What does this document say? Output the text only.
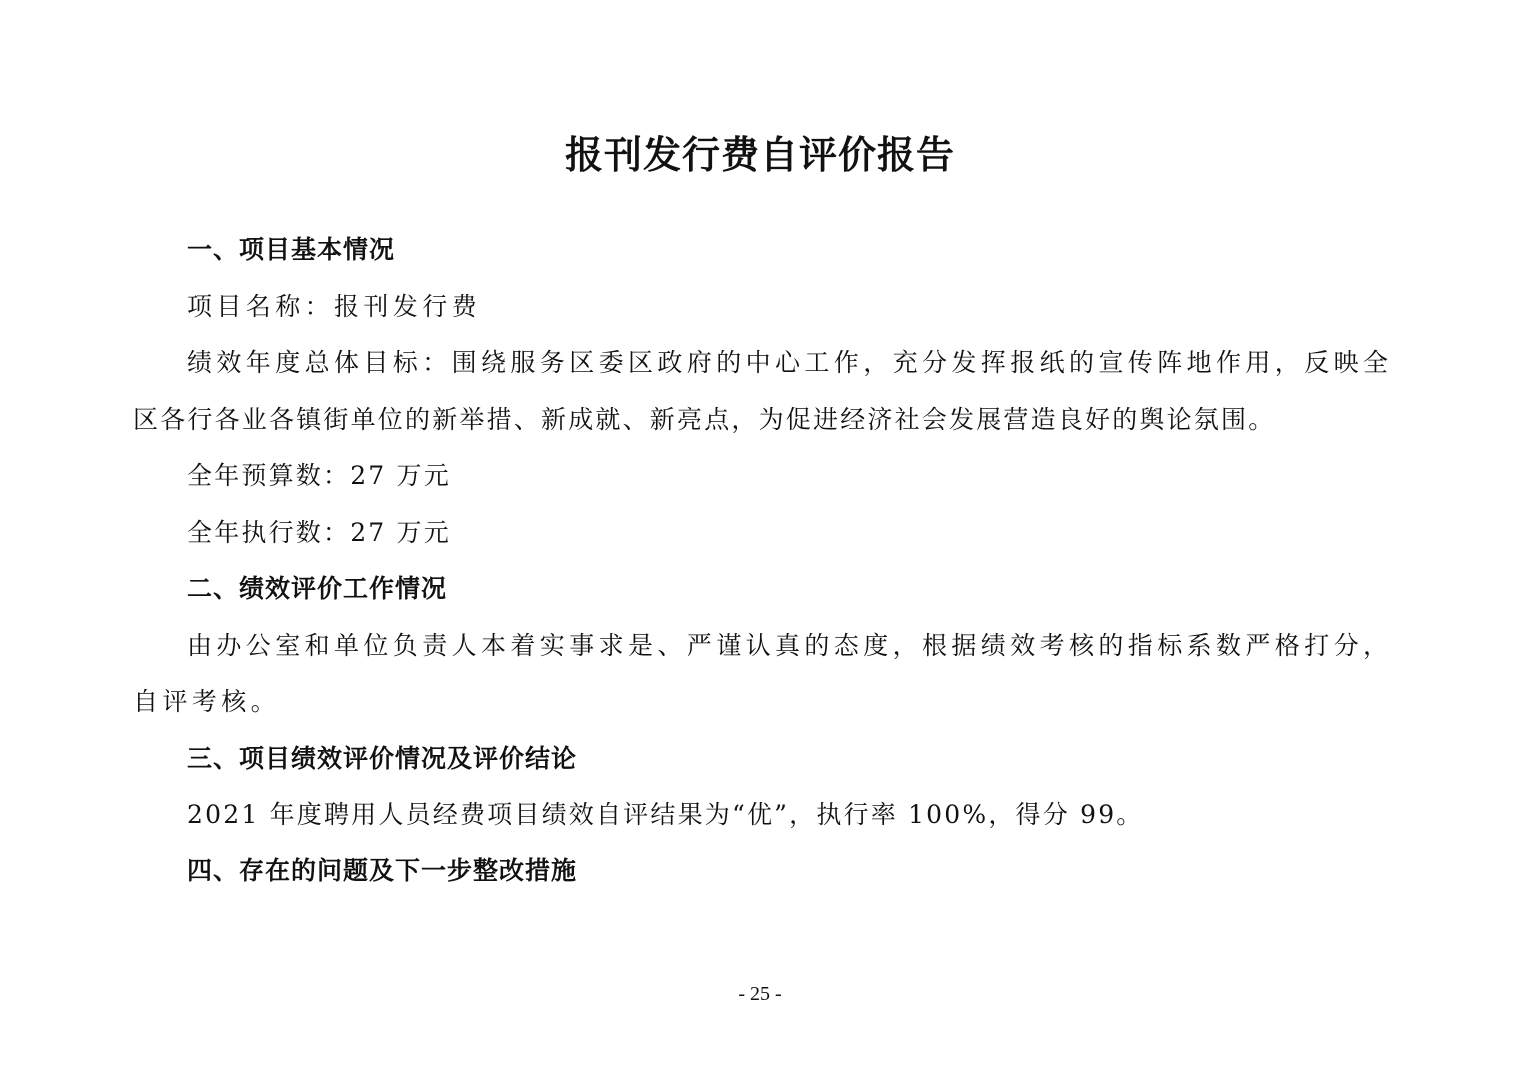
报刊发行费自评价报告
一、项目基本情况
项目名称：报刊发行费
绩效年度总体目标：围绕服务区委区政府的中心工作，充分发挥报纸的宣传阵地作用，反映全
区各行各业各镇街单位的新举措、新成就、新亮点，为促进经济社会发展营造良好的舆论氛围。
全年预算数：27 万元
全年执行数：27 万元
二、绩效评价工作情况
由办公室和单位负责人本着实事求是、严谨认真的态度，根据绩效考核的指标系数严格打分，
自评考核。
三、项目绩效评价情况及评价结论
2021 年度聘用人员经费项目绩效自评结果为“优”，执行率 100%，得分 99。
四、存在的问题及下一步整改措施
- 25 -
